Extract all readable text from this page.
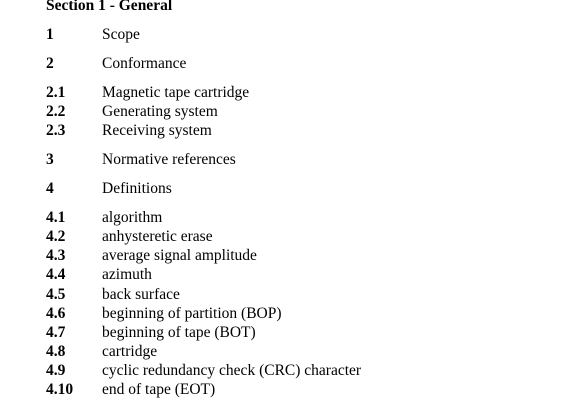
Section 1 - General
1	Scope
2	Conformance
2.1 Magnetic tape cartridge
2.2 Generating system
2.3 Receiving system
3	Normative references
4	Definitions
4.1 algorithm
4.2 anhysteretic erase
4.3 average signal amplitude
4.4 azimuth
4.5 back surface
4.6 beginning of partition (BOP)
4.7 beginning of tape (BOT)
4.8 cartridge
4.9 cyclic redundancy check (CRC) character
4.10 end of tape (EOT)
